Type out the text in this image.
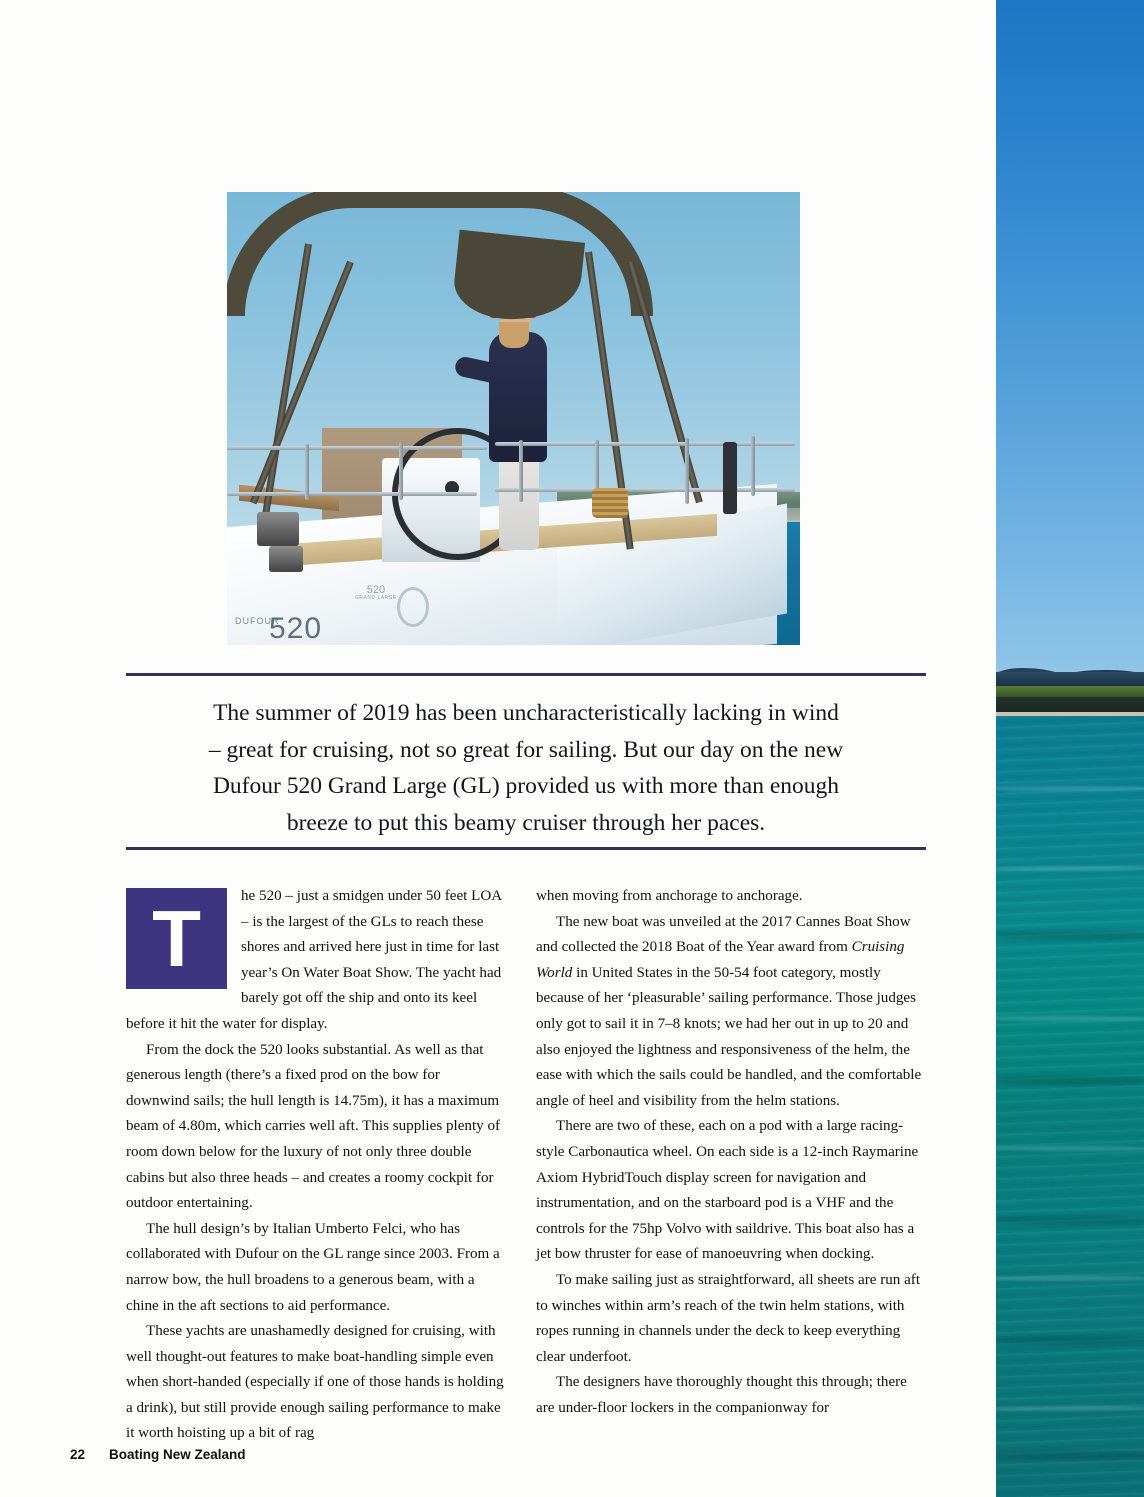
520
GRAND LARGE
DUFOUR
520
The summer of 2019 has been uncharacteristically lacking in wind
– great for cruising, not so great for sailing. But our day on the new
Dufour 520 Grand Large (GL) provided us with more than enough
breeze to put this beamy cruiser through her paces.
T	he 520 – just a smidgen under 50 feet LOA – is the largest of the GLs to reach these shores and arrived here just in time for last year’s On Water Boat Show. The yacht had barely got off the ship and onto its keel before it hit the water for display.

From the dock the 520 looks substantial. As well as that generous length (there’s a fixed prod on the bow for downwind sails; the hull length is 14.75m), it has a maximum beam of 4.80m, which carries well aft. This supplies plenty of room down below for the luxury of not only three double cabins but also three heads – and creates a roomy cockpit for outdoor entertaining.

The hull design’s by Italian Umberto Felci, who has collaborated with Dufour on the GL range since 2003. From a narrow bow, the hull broadens to a generous beam, with a chine in the aft sections to aid performance.

These yachts are unashamedly designed for cruising, with well thought-out features to make boat-handling simple even when short-handed (especially if one of those hands is holding a drink), but still provide enough sailing performance to make it worth hoisting up a bit of rag

when moving from anchorage to anchorage.

The new boat was unveiled at the 2017 Cannes Boat Show and collected the 2018 Boat of the Year award from Cruising World in United States in the 50-54 foot category, mostly because of her ‘pleasurable’ sailing performance. Those judges only got to sail it in 7–8 knots; we had her out in up to 20 and also enjoyed the lightness and responsiveness of the helm, the ease with which the sails could be handled, and the comfortable angle of heel and visibility from the helm stations.

There are two of these, each on a pod with a large racing-style Carbonautica wheel. On each side is a 12-inch Raymarine Axiom HybridTouch display screen for navigation and instrumentation, and on the starboard pod is a VHF and the controls for the 75hp Volvo with saildrive. This boat also has a jet bow thruster for ease of manoeuvring when docking.

To make sailing just as straightforward, all sheets are run aft to winches within arm’s reach of the twin helm stations, with ropes running in channels under the deck to keep everything clear underfoot.

The designers have thoroughly thought this through; there are under-floor lockers in the companionway for

22 Boating New Zealand
